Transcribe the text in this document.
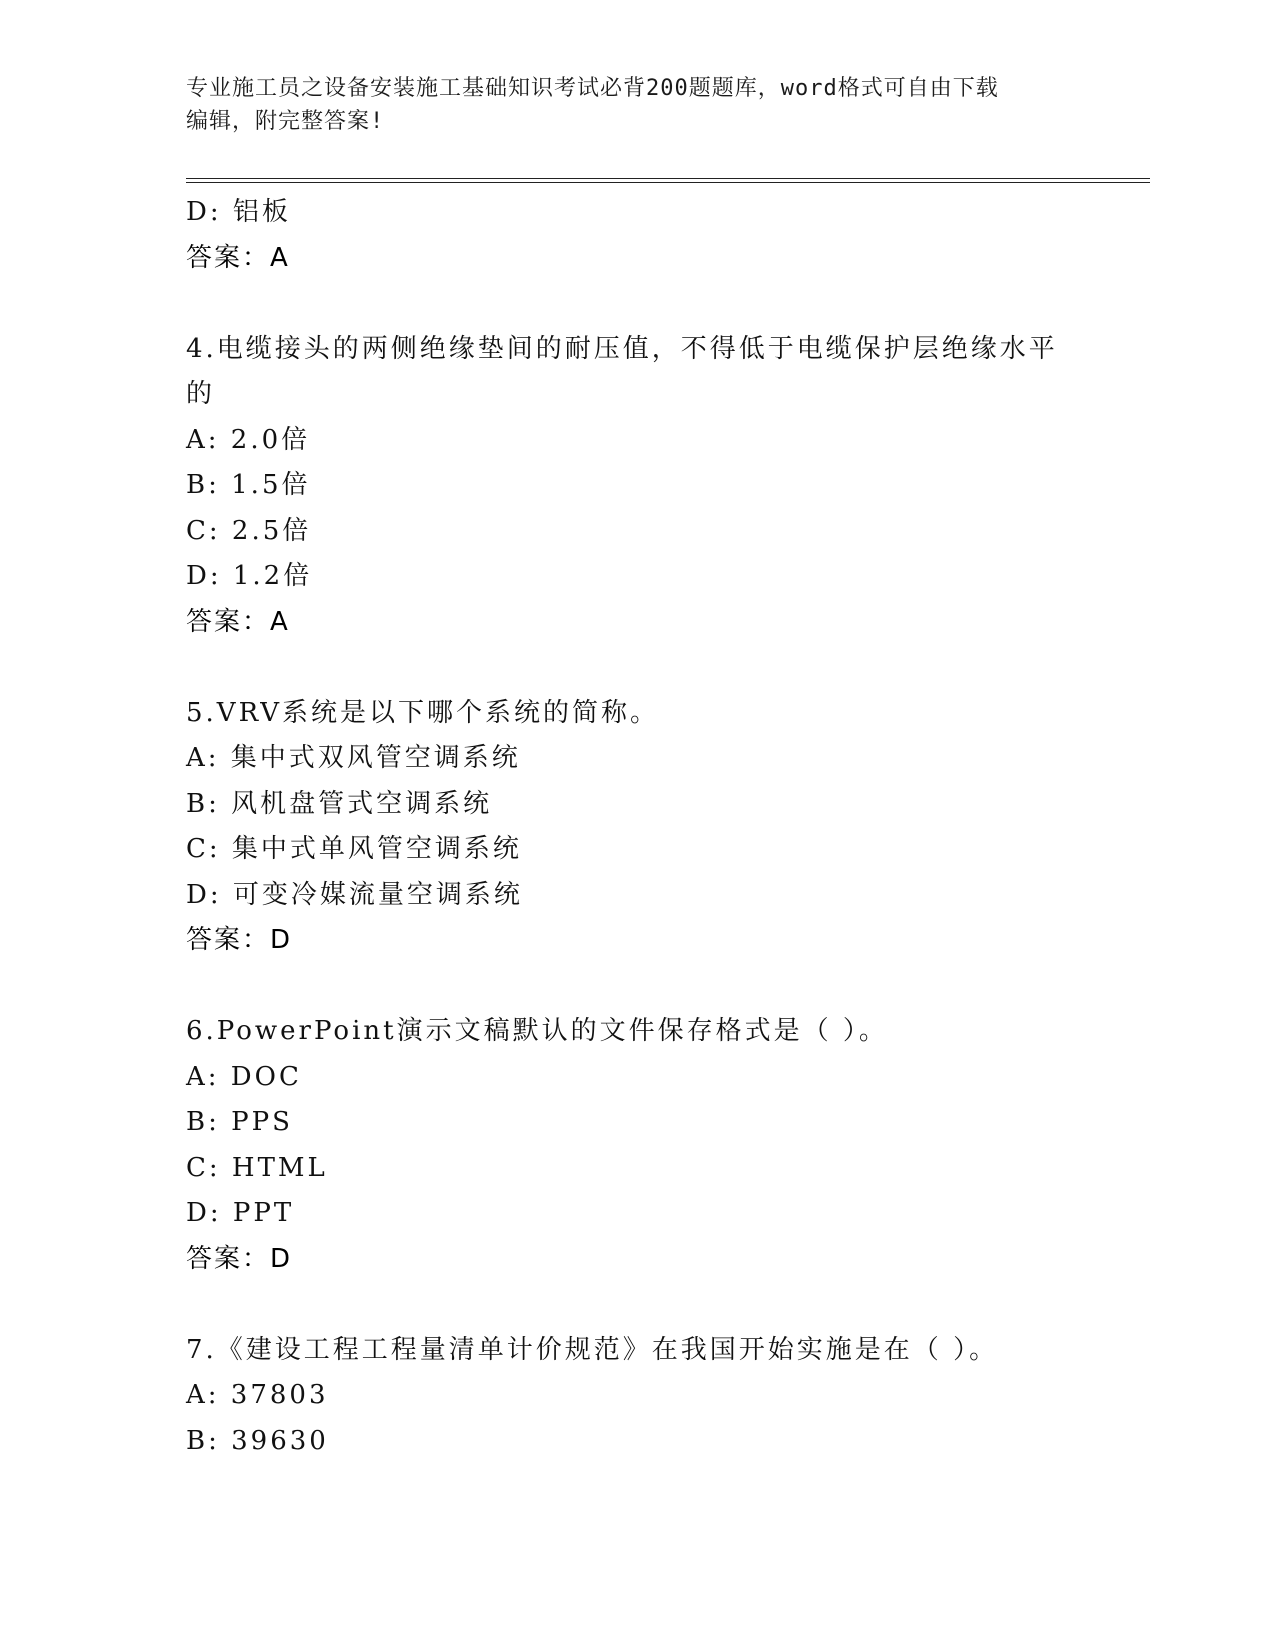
专业施工员之设备安装施工基础知识考试必背200题题库，word格式可自由下载
编辑，附完整答案!
D: 铝板
答案：A
4.电缆接头的两侧绝缘垫间的耐压值，不得低于电缆保护层绝缘水平
的
A: 2.0倍
B: 1.5倍
C: 2.5倍
D: 1.2倍
答案：A
5.VRV系统是以下哪个系统的简称。
A: 集中式双风管空调系统
B: 风机盘管式空调系统
C: 集中式单风管空调系统
D: 可变冷媒流量空调系统
答案：D
6.PowerPoint演示文稿默认的文件保存格式是（ ）。
A: DOC
B: PPS
C: HTML
D: PPT
答案：D
7.《建设工程工程量清单计价规范》在我国开始实施是在（ ）。
A: 37803
B: 39630
